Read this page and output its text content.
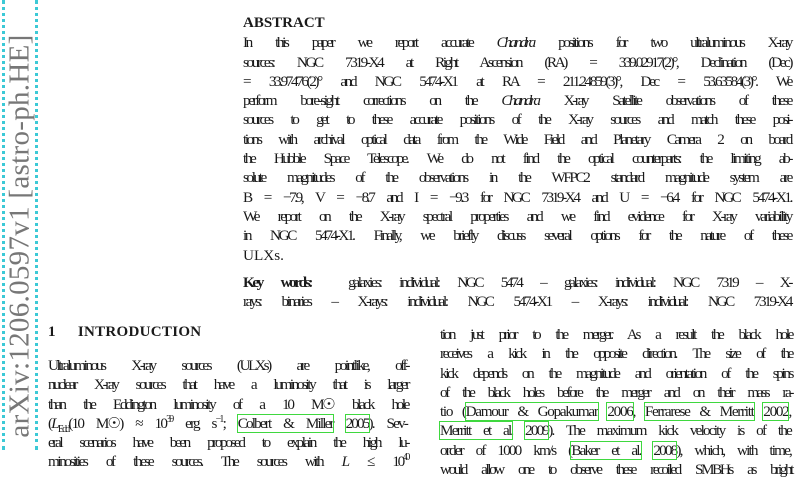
arXiv:1206.0597v1 [astro-ph.HE]
ABSTRACT
In this paper we report accurate Chandra positions for two ultraluminous X-ray
sources: NGC 7319-X4 at Right Ascension (RA) = 339.02917(2)°, Declination (Dec)
= 33.97476(2)° and NGC 5474-X1 at RA = 211.24859(3)°, Dec = 53.63584(3)°. We
perform bore-sight corrections on the Chandra X-ray Satellite observations of these
sources to get to these accurate positions of the X-ray sources and match these posi-
tions with archival optical data from the Wide Field and Planetary Camera 2 on board
the Hubble Space Telescope. We do not find the optical counterparts: the limiting ab-
solute magnitudes of the observations in the WFPC2 standard magnitude system are
B = −7.9, V = −8.7 and I = −9.3 for NGC 7319-X4 and U = −6.4 for NGC 5474-X1.
We report on the X-ray spectral properties and we find evidence for X-ray variability
in NGC 5474-X1. Finally, we briefly discuss several options for the nature of these
ULXs.
Key words:  galaxies: individual: NGC 5474 – galaxies: individual: NGC 7319 – X-
rays: binaries – X-rays: individual: NGC 5474-X1 – X-rays: individual: NGC 7319-X4
1 INTRODUCTION
Ultraluminous X-ray sources (ULXs) are pointlike, off-
nuclear X-ray sources that have a luminosity that is larger
than the Eddington luminosity of a 10 M☉ black hole
($L_{Edd}(10$ M☉) ≈ $10^{39}$ erg $s^{-1}$; Colbert & Miller 2005). Sev-
eral scenarios have been proposed to explain the high lu-
minosities of these sources. The sources with $L \le 10^{40}$
tion just prior to the merger. As a result the black hole
receives a kick in the opposite direction. The size of the
kick depends on the magnitude and orientation of the spins
of the black holes before the merger and on their mass ra-
tio (Damour & Gopakumar 2006, Ferrarese & Merritt 2002,
Merritt et al. 2009). The maximum kick velocity is of the
order of 1000 km/s (Baker et al. 2008), which, with time,
would allow one to observe these recoiled SMBHs as bright
